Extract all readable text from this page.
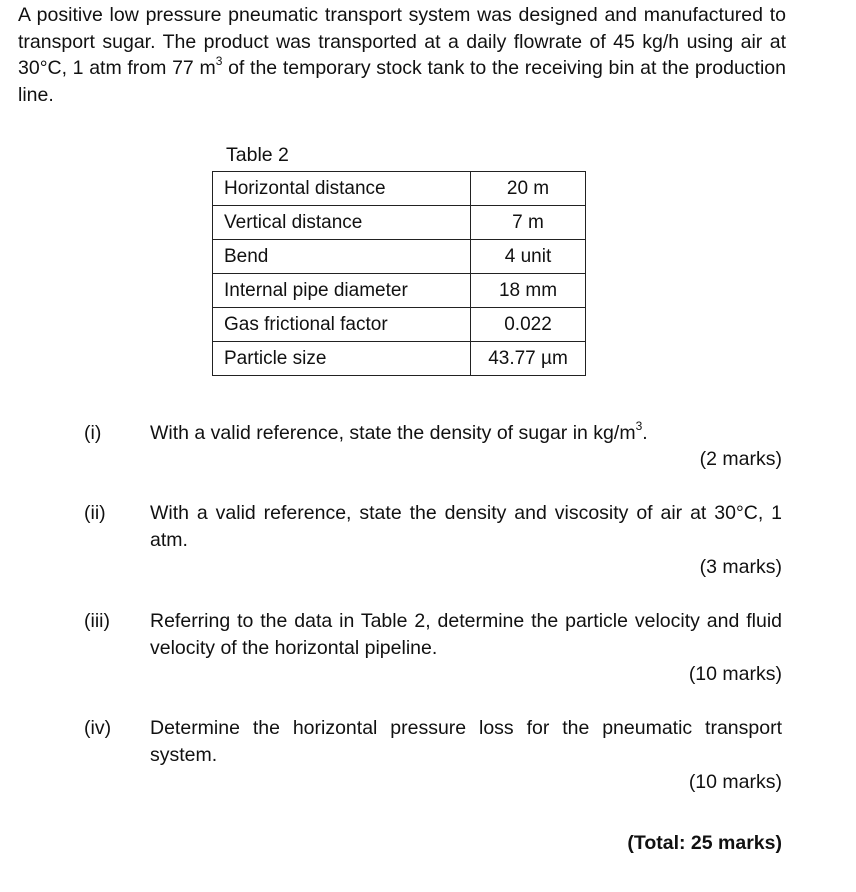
A positive low pressure pneumatic transport system was designed and manufactured to transport sugar. The product was transported at a daily flowrate of 45 kg/h using air at 30°C, 1 atm from 77 $m^3$ of the temporary stock tank to the receiving bin at the production line.
Table 2
Horizontal distance	20 m
Vertical distance	7 m
Bend	4 unit
Internal pipe diameter	18 mm
Gas frictional factor	0.022
Particle size	43.77 µm
(i) With a valid reference, state the density of sugar in $kg/m^3$.
(2 marks)
(ii) With a valid reference, state the density and viscosity of air at 30°C, 1 atm.
(3 marks)
(iii) Referring to the data in Table 2, determine the particle velocity and fluid velocity of the horizontal pipeline.
(10 marks)
(iv) Determine the horizontal pressure loss for the pneumatic transport system.
(10 marks)
(Total: 25 marks)
